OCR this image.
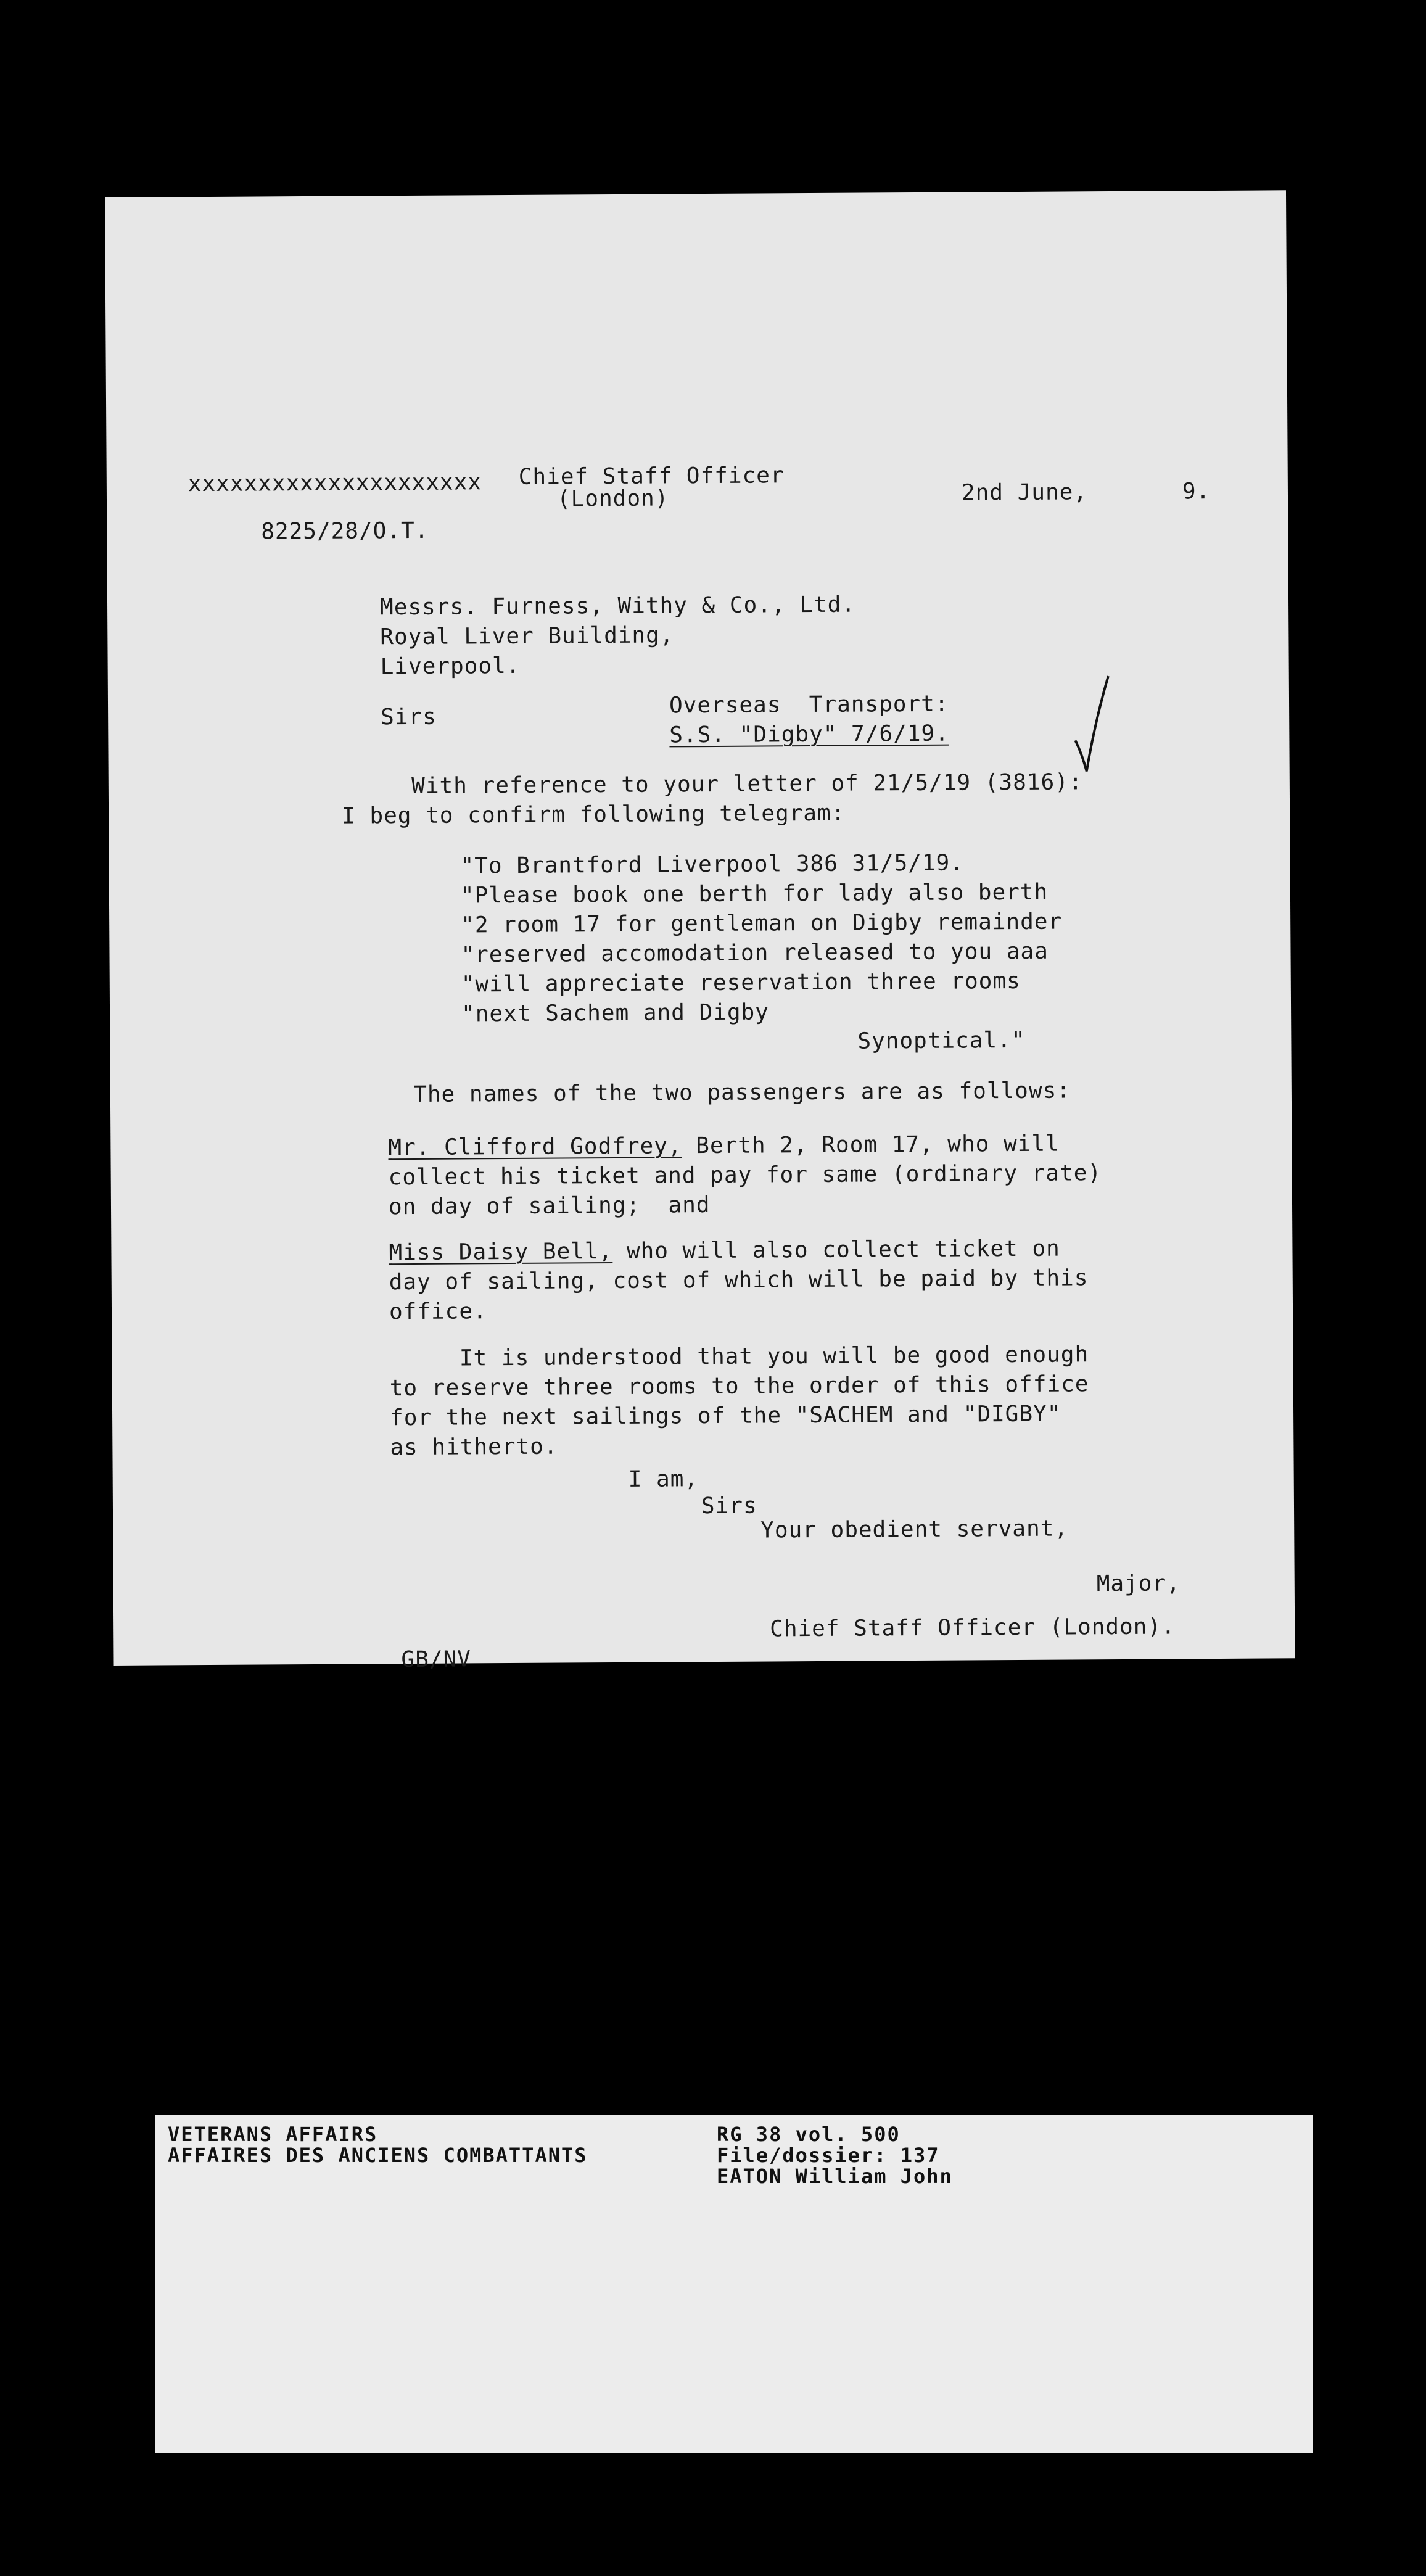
xxxxxxxxxxxxxxxxxxxxx Chief Staff Officer
(London)	2nd June,	9.
8225/28/O.T.
Messrs. Furness, Withy & Co., Ltd.
Royal Liver Building,
Liverpool.
Sirs	Overseas  Transport:
S.S. "Digby" 7/6/19.
With reference to your letter of 21/5/19 (3816):
I beg to confirm following telegram:
"To Brantford Liverpool 386 31/5/19.
"Please book one berth for lady also berth
"2 room 17 for gentleman on Digby remainder
"reserved accomodation released to you aaa
"will appreciate reservation three rooms
"next Sachem and Digby
Synoptical."
The names of the two passengers are as follows:
Mr. Clifford Godfrey, Berth 2, Room 17, who will
collect his ticket and pay for same (ordinary rate)
on day of sailing;  and
Miss Daisy Bell, who will also collect ticket on
day of sailing, cost of which will be paid by this
office.
It is understood that you will be good enough
to reserve three rooms to the order of this office
for the next sailings of the "SACHEM and "DIGBY"
as hitherto.
I am,
Sirs
Your obedient servant,
Major,
Chief Staff Officer (London).
GB/NV
VETERANS AFFAIRS
AFFAIRES DES ANCIENS COMBATTANTS
RG 38 vol. 500
File/dossier: 137
EATON William John
